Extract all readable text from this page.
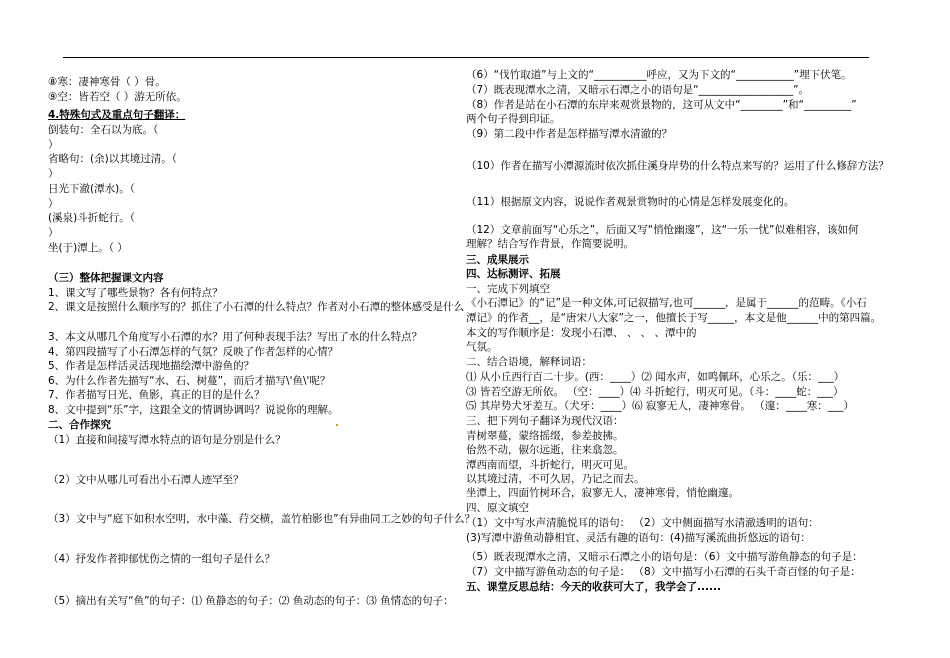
⑧寒：凄神寒骨（ ）骨。
⑨空：皆若空（ ）游无所依。
4.特殊句式及重点句子翻译：
倒装句：全石以为底。（
）
省略句：(余)以其境过清。（
）
日光下澈(潭水)。（
）
(溪泉)斗折蛇行。（
）
坐(于)潭上。（ ）
（三）整体把握课文内容
1、课文写了哪些景物？各有何特点？
2、课文是按照什么顺序写的？抓住了小石潭的什么特点？作者对小石潭的整体感受是什么
3、本文从哪几个角度写小石潭的水？用了何种表现手法？写出了水的什么特点？
4、第四段描写了小石潭怎样的气氛？反映了作者怎样的心情？
5、作者是怎样活灵活现地描绘潭中游鱼的？
6、为什么作者先描写“水、石、树蔓”，而后才描写\'鱼\'呢？
7、作者描写日光、鱼影，真正的目的是什么？
8、文中提到“乐”字，这跟全文的情调协调吗？说说你的理解。
二、合作探究
（1）直接和间接写潭水特点的语句是分别是什么？
（2）文中从哪儿可看出小石潭人迹罕至？
（3）文中与“庭下如积水空明，水中藻、荇交横，盖竹柏影也”有异曲同工之妙的句子什么？
（4）抒发作者抑郁忧伤之情的一组句子是什么？
（5）摘出有关写“鱼”的句子：⑴ 鱼静态的句子：⑵ 鱼动态的句子：⑶ 鱼情态的句子：
（6）“伐竹取道”与上文的“__________呼应，又为下文的“___________”埋下伏笔。
（7）既表现潭水之清，又暗示石潭之小的语句是“__________________”。
（8）作者是站在小石潭的东岸来观赏景物的，这可从文中“________”和“_________”
两个句子得到印证。
（9）第二段中作者是怎样描写潭水清澈的？
（10）作者在描写小潭源流时依次抓住溪身岸势的什么特点来写的？运用了什么修辞方法？
（11）根据原文内容，说说作者观景赏物时的心情是怎样发展变化的。
（12）文章前面写“心乐之”，后面又写“悄怆幽邃”，这“一乐一忧”似难相容，该如何
理解？结合写作背景，作简要说明。
三、成果展示
四、达标测评、拓展
一、完成下列填空
《小石潭记》的“记”是一种文体,可记叙描写,也可______，是属于______的范畴。《小石
潭记》的作者__，是“唐宋八大家”之一，他擅长于写_____，本文是他______中的第四篇。
本文的写作顺序是：发现小石潭、 、 、 、潭中的
气氛。
二、结合语境，解释词语：
⑴ 从小丘西行百二十步。(西：____）⑵ 闻水声，如鸣佩环，心乐之。（乐：___）
⑶ 皆若空游无所依。 （空：____）⑷ 斗折蛇行，明灭可见。（斗：____蛇：___）
⑸ 其岸势犬牙差互。（犬牙：____）⑹ 寂寥无人，凄神寒骨。 （邃：____寒：___）
三、把下列句子翻译为现代汉语：
青树翠蔓，蒙络摇缀，参差披拂。
佁然不动，俶尔远逝，往来翕忽。
潭西南而望，斗折蛇行，明灭可见。
以其境过清，不可久居，乃记之而去。
坐潭上，四面竹树环合，寂寥无人，凄神寒骨，悄怆幽邃。
四、原文填空
（1）文中写水声清脆悦耳的语句： （2）文中侧面描写水清澈透明的语句：
(3)写潭中游鱼动静相宜、灵活有趣的语句：(4)描写溪流曲折悠远的语句：
（5）既表现潭水之清，又暗示石潭之小的语句是：（6）文中描写游鱼静态的句子是：
（7）文中描写游鱼动态的句子是： （8）文中描写小石潭的石头千奇百怪的句子是：
五、课堂反思总结：今天的收获可大了，我学会了......
